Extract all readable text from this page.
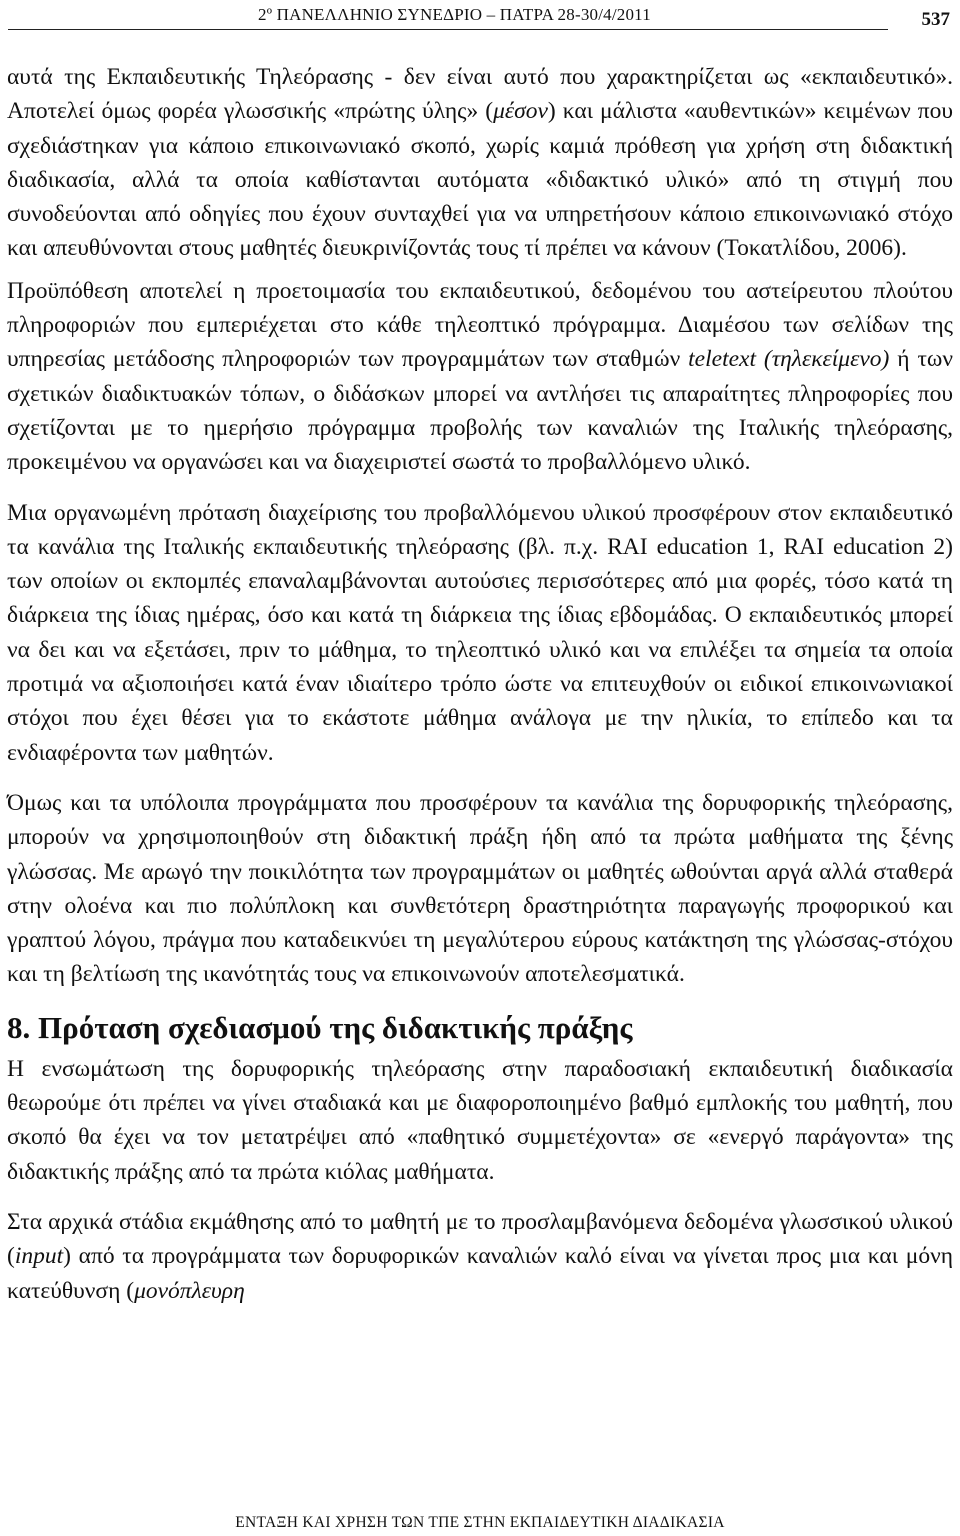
2º ΠΑΝΕΛΛΗΝΙΟ ΣΥΝΕΔΡΙΟ – ΠΑΤΡΑ 28-30/4/2011	537

αυτά της Εκπαιδευτικής Τηλεόρασης - δεν είναι αυτό που χαρακτηρίζεται ως «εκπαιδευτικό». Αποτελεί όμως φορέα γλωσσικής «πρώτης ύλης» (μέσον) και μάλιστα «αυθεντικών» κειμένων που σχεδιάστηκαν για κάποιο επικοινωνιακό σκοπό, χωρίς καμιά πρόθεση για χρήση στη διδακτική διαδικασία, αλλά τα οποία καθίστανται αυτόματα «διδακτικό υλικό» από τη στιγμή που συνοδεύονται από οδηγίες που έχουν συνταχθεί για να υπηρετήσουν κάποιο επικοινωνιακό στόχο και απευθύνονται στους μαθητές διευκρινίζοντάς τους τί πρέπει να κάνουν (Τοκατλίδου, 2006).

Προϋπόθεση αποτελεί η προετοιμασία του εκπαιδευτικού, δεδομένου του αστείρευτου πλούτου πληροφοριών που εμπεριέχεται στο κάθε τηλεοπτικό πρόγραμμα. Διαμέσου των σελίδων της υπηρεσίας μετάδοσης πληροφοριών των προγραμμάτων των σταθμών teletext (τηλεκείμενο) ή των σχετικών διαδικτυακών τόπων, ο διδάσκων μπορεί να αντλήσει τις απαραίτητες πληροφορίες που σχετίζονται με το ημερήσιο πρόγραμμα προβολής των καναλιών της Ιταλικής τηλεόρασης, προκειμένου να οργανώσει και να διαχειριστεί σωστά το προβαλλόμενο υλικό.

Μια οργανωμένη πρόταση διαχείρισης του προβαλλόμενου υλικού προσφέρουν στον εκπαιδευτικό τα κανάλια της Ιταλικής εκπαιδευτικής τηλεόρασης (βλ. π.χ. RAI education 1, RAI education 2) των οποίων οι εκπομπές επαναλαμβάνονται αυτούσιες περισσότερες από μια φορές, τόσο κατά τη διάρκεια της ίδιας ημέρας, όσο και κατά τη διάρκεια της ίδιας εβδομάδας. Ο εκπαιδευτικός μπορεί να δει και να εξετάσει, πριν το μάθημα, το τηλεοπτικό υλικό και να επιλέξει τα σημεία τα οποία προτιμά να αξιοποιήσει κατά έναν ιδιαίτερο τρόπο ώστε να επιτευχθούν οι ειδικοί επικοινωνιακοί στόχοι που έχει θέσει για το εκάστοτε μάθημα ανάλογα με την ηλικία, το επίπεδο και τα ενδιαφέροντα των μαθητών.

Όμως και τα υπόλοιπα προγράμματα που προσφέρουν τα κανάλια της δορυφορικής τηλεόρασης, μπορούν να χρησιμοποιηθούν στη διδακτική πράξη ήδη από τα πρώτα μαθήματα της ξένης γλώσσας. Με αρωγό την ποικιλότητα των προγραμμάτων οι μαθητές ωθούνται αργά αλλά σταθερά στην ολοένα και πιο πολύπλοκη και συνθετότερη δραστηριότητα παραγωγής προφορικού και γραπτού λόγου, πράγμα που καταδεικνύει τη μεγαλύτερου εύρους κατάκτηση της γλώσσας-στόχου και τη βελτίωση της ικανότητάς τους να επικοινωνούν αποτελεσματικά.

8. Πρόταση σχεδιασμού της διδακτικής πράξης

Η ενσωμάτωση της δορυφορικής τηλεόρασης στην παραδοσιακή εκπαιδευτική διαδικασία θεωρούμε ότι πρέπει να γίνει σταδιακά και με διαφοροποιημένο βαθμό εμπλοκής του μαθητή, που σκοπό θα έχει να τον μετατρέψει από «παθητικό συμμετέχοντα» σε «ενεργό παράγοντα» της διδακτικής πράξης από τα πρώτα κιόλας μαθήματα.

Στα αρχικά στάδια εκμάθησης από το μαθητή με το προσλαμβανόμενα δεδομένα γλωσσικού υλικού (input) από τα προγράμματα των δορυφορικών καναλιών καλό είναι να γίνεται προς μια και μόνη κατεύθυνση (μονόπλευρη

ΕΝΤΑΞΗ ΚΑΙ ΧΡΗΣΗ ΤΩΝ ΤΠΕ ΣΤΗΝ ΕΚΠΑΙΔΕΥΤΙΚΗ ΔΙΑΔΙΚΑΣΙΑ
